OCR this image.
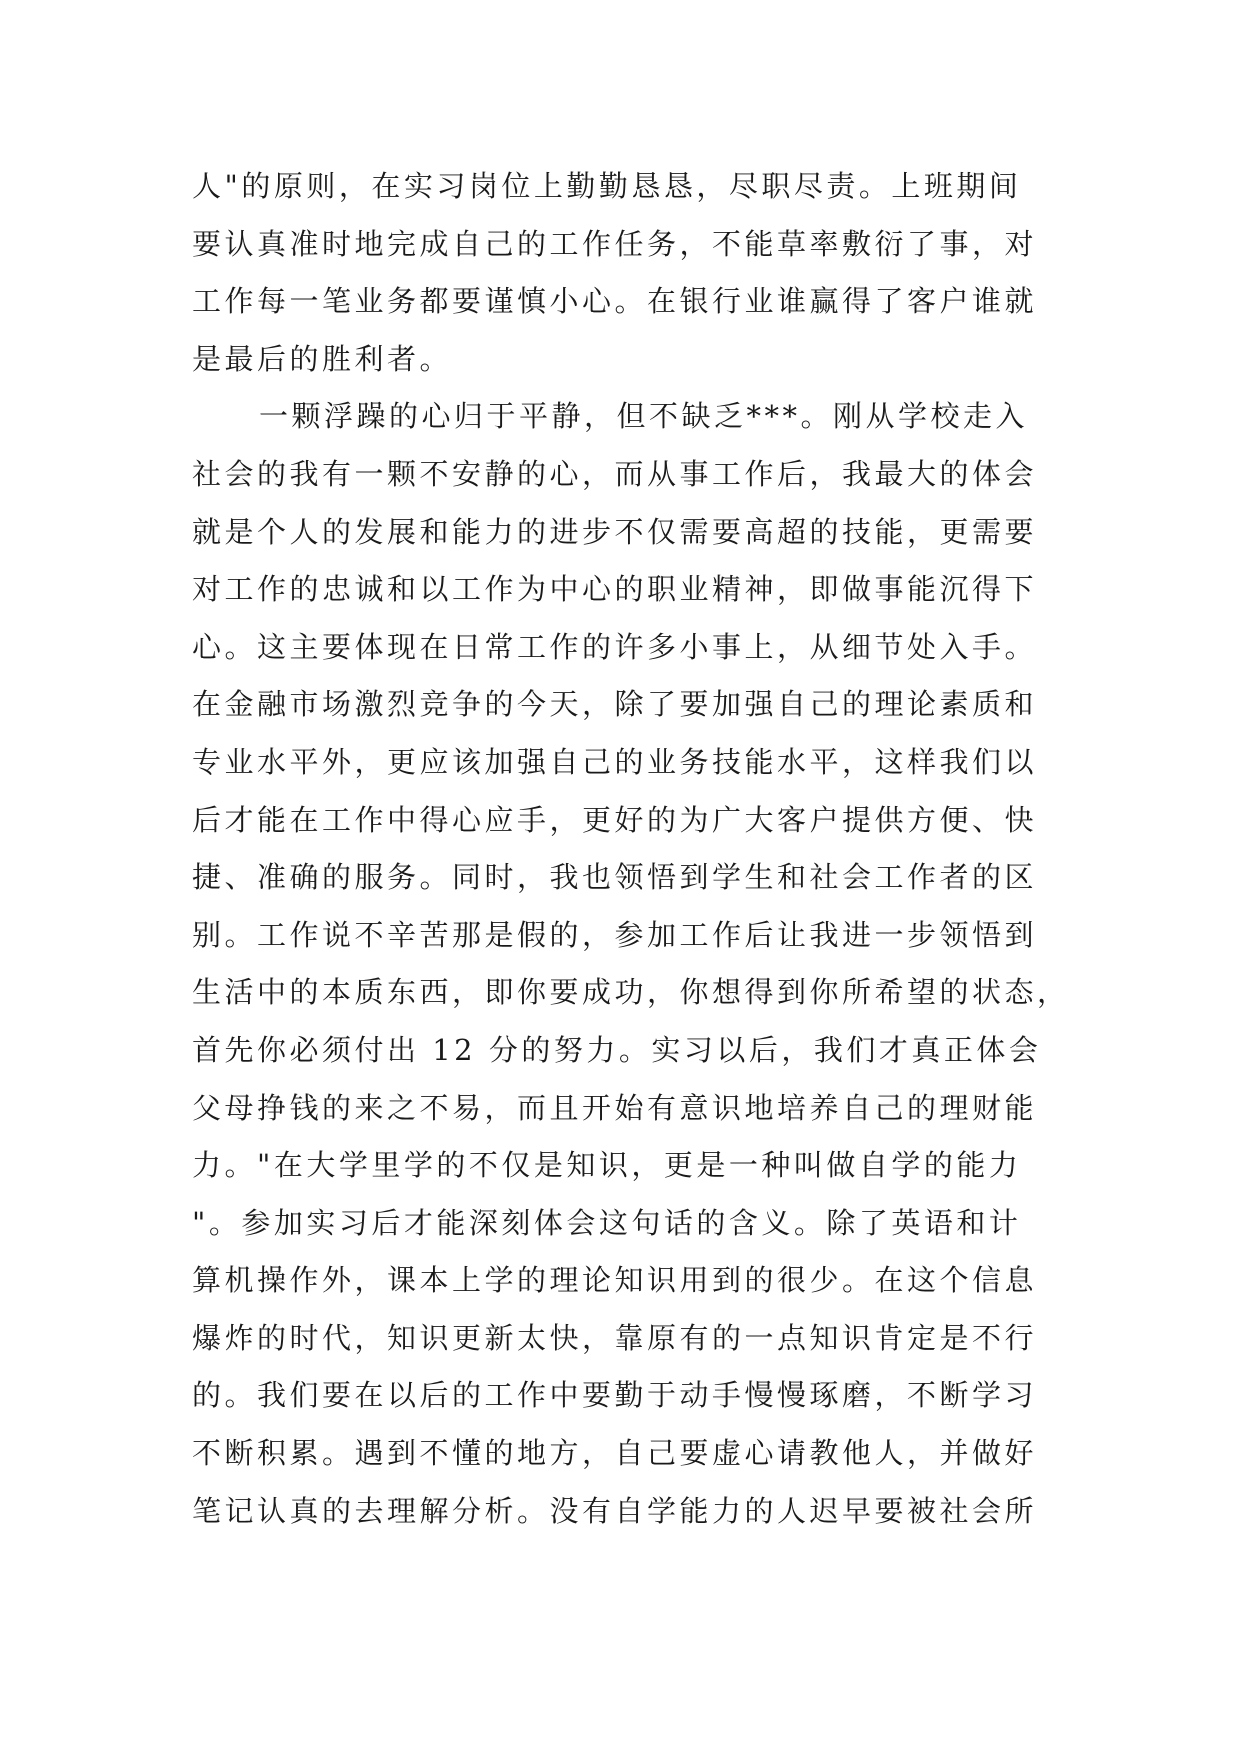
人"的原则，在实习岗位上勤勤恳恳，尽职尽责。上班期间
要认真准时地完成自己的工作任务，不能草率敷衍了事，对
工作每一笔业务都要谨慎小心。在银行业谁赢得了客户谁就
是最后的胜利者。
一颗浮躁的心归于平静，但不缺乏***。刚从学校走入
社会的我有一颗不安静的心，而从事工作后，我最大的体会
就是个人的发展和能力的进步不仅需要高超的技能，更需要
对工作的忠诚和以工作为中心的职业精神，即做事能沉得下
心。这主要体现在日常工作的许多小事上，从细节处入手。
在金融市场激烈竞争的今天，除了要加强自己的理论素质和
专业水平外，更应该加强自己的业务技能水平，这样我们以
后才能在工作中得心应手，更好的为广大客户提供方便、快
捷、准确的服务。同时，我也领悟到学生和社会工作者的区
别。工作说不辛苦那是假的，参加工作后让我进一步领悟到
生活中的本质东西，即你要成功，你想得到你所希望的状态，
首先你必须付出 12 分的努力。实习以后，我们才真正体会
父母挣钱的来之不易，而且开始有意识地培养自己的理财能
力。"在大学里学的不仅是知识，更是一种叫做自学的能力
"。参加实习后才能深刻体会这句话的含义。除了英语和计
算机操作外，课本上学的理论知识用到的很少。在这个信息
爆炸的时代，知识更新太快，靠原有的一点知识肯定是不行
的。我们要在以后的工作中要勤于动手慢慢琢磨，不断学习
不断积累。遇到不懂的地方，自己要虚心请教他人，并做好
笔记认真的去理解分析。没有自学能力的人迟早要被社会所
